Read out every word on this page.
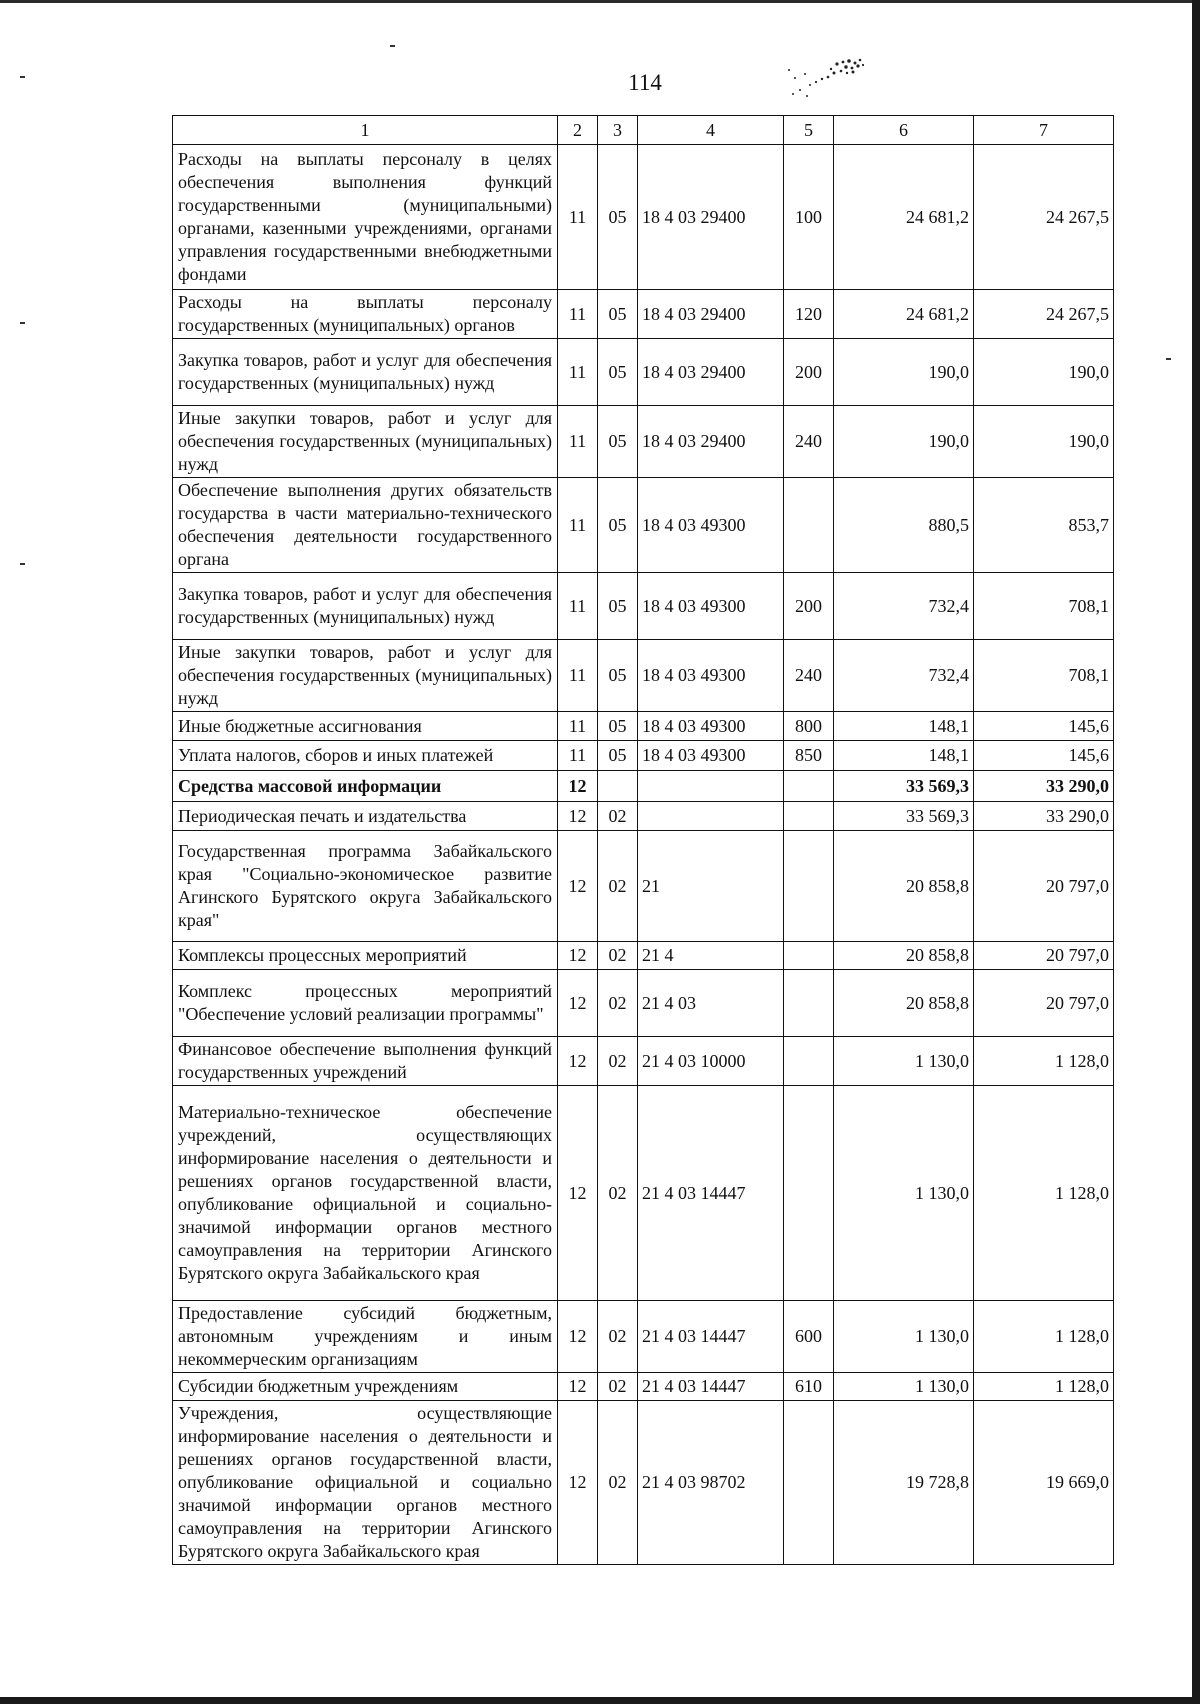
114
1	2	3	4	5	6	7
Расходы на выплаты персоналу в целях обеспечения выполнения функций государственными (муниципальными) органами, казенными учреждениями, органами управления государственными внебюджетными фондами	11	05	18 4 03 29400	100	24 681,2	24 267,5
Расходы на выплаты персоналу государственных (муниципальных) органов	11	05	18 4 03 29400	120	24 681,2	24 267,5
Закупка товаров, работ и услуг для обеспечения государственных (муниципальных) нужд	11	05	18 4 03 29400	200	190,0	190,0
Иные закупки товаров, работ и услуг для обеспечения государственных (муниципальных) нужд	11	05	18 4 03 29400	240	190,0	190,0
Обеспечение выполнения других обязательств государства в части материально-технического обеспечения деятельности государственного органа	11	05	18 4 03 49300		880,5	853,7
Закупка товаров, работ и услуг для обеспечения государственных (муниципальных) нужд	11	05	18 4 03 49300	200	732,4	708,1
Иные закупки товаров, работ и услуг для обеспечения государственных (муниципальных) нужд	11	05	18 4 03 49300	240	732,4	708,1
Иные бюджетные ассигнования	11	05	18 4 03 49300	800	148,1	145,6
Уплата налогов, сборов и иных платежей	11	05	18 4 03 49300	850	148,1	145,6
Средства массовой информации	12				33 569,3	33 290,0
Периодическая печать и издательства	12	02			33 569,3	33 290,0
Государственная программа Забайкальского края "Социально-экономическое развитие Агинского Бурятского округа Забайкальского края"	12	02	21		20 858,8	20 797,0
Комплексы процессных мероприятий	12	02	21 4		20 858,8	20 797,0
Комплекс процессных мероприятий "Обеспечение условий реализации программы"	12	02	21 4 03		20 858,8	20 797,0
Финансовое обеспечение выполнения функций государственных учреждений	12	02	21 4 03 10000		1 130,0	1 128,0
Материально-техническое обеспечение учреждений, осуществляющих информирование населения о деятельности и решениях органов государственной власти, опубликование официальной и социально-значимой информации органов местного самоуправления на территории Агинского Бурятского округа Забайкальского края	12	02	21 4 03 14447		1 130,0	1 128,0
Предоставление субсидий бюджетным, автономным учреждениям и иным некоммерческим организациям	12	02	21 4 03 14447	600	1 130,0	1 128,0
Субсидии бюджетным учреждениям	12	02	21 4 03 14447	610	1 130,0	1 128,0
Учреждения, осуществляющие информирование населения о деятельности и решениях органов государственной власти, опубликование официальной и социально значимой информации органов местного самоуправления на территории Агинского Бурятского округа Забайкальского края	12	02	21 4 03 98702		19 728,8	19 669,0
